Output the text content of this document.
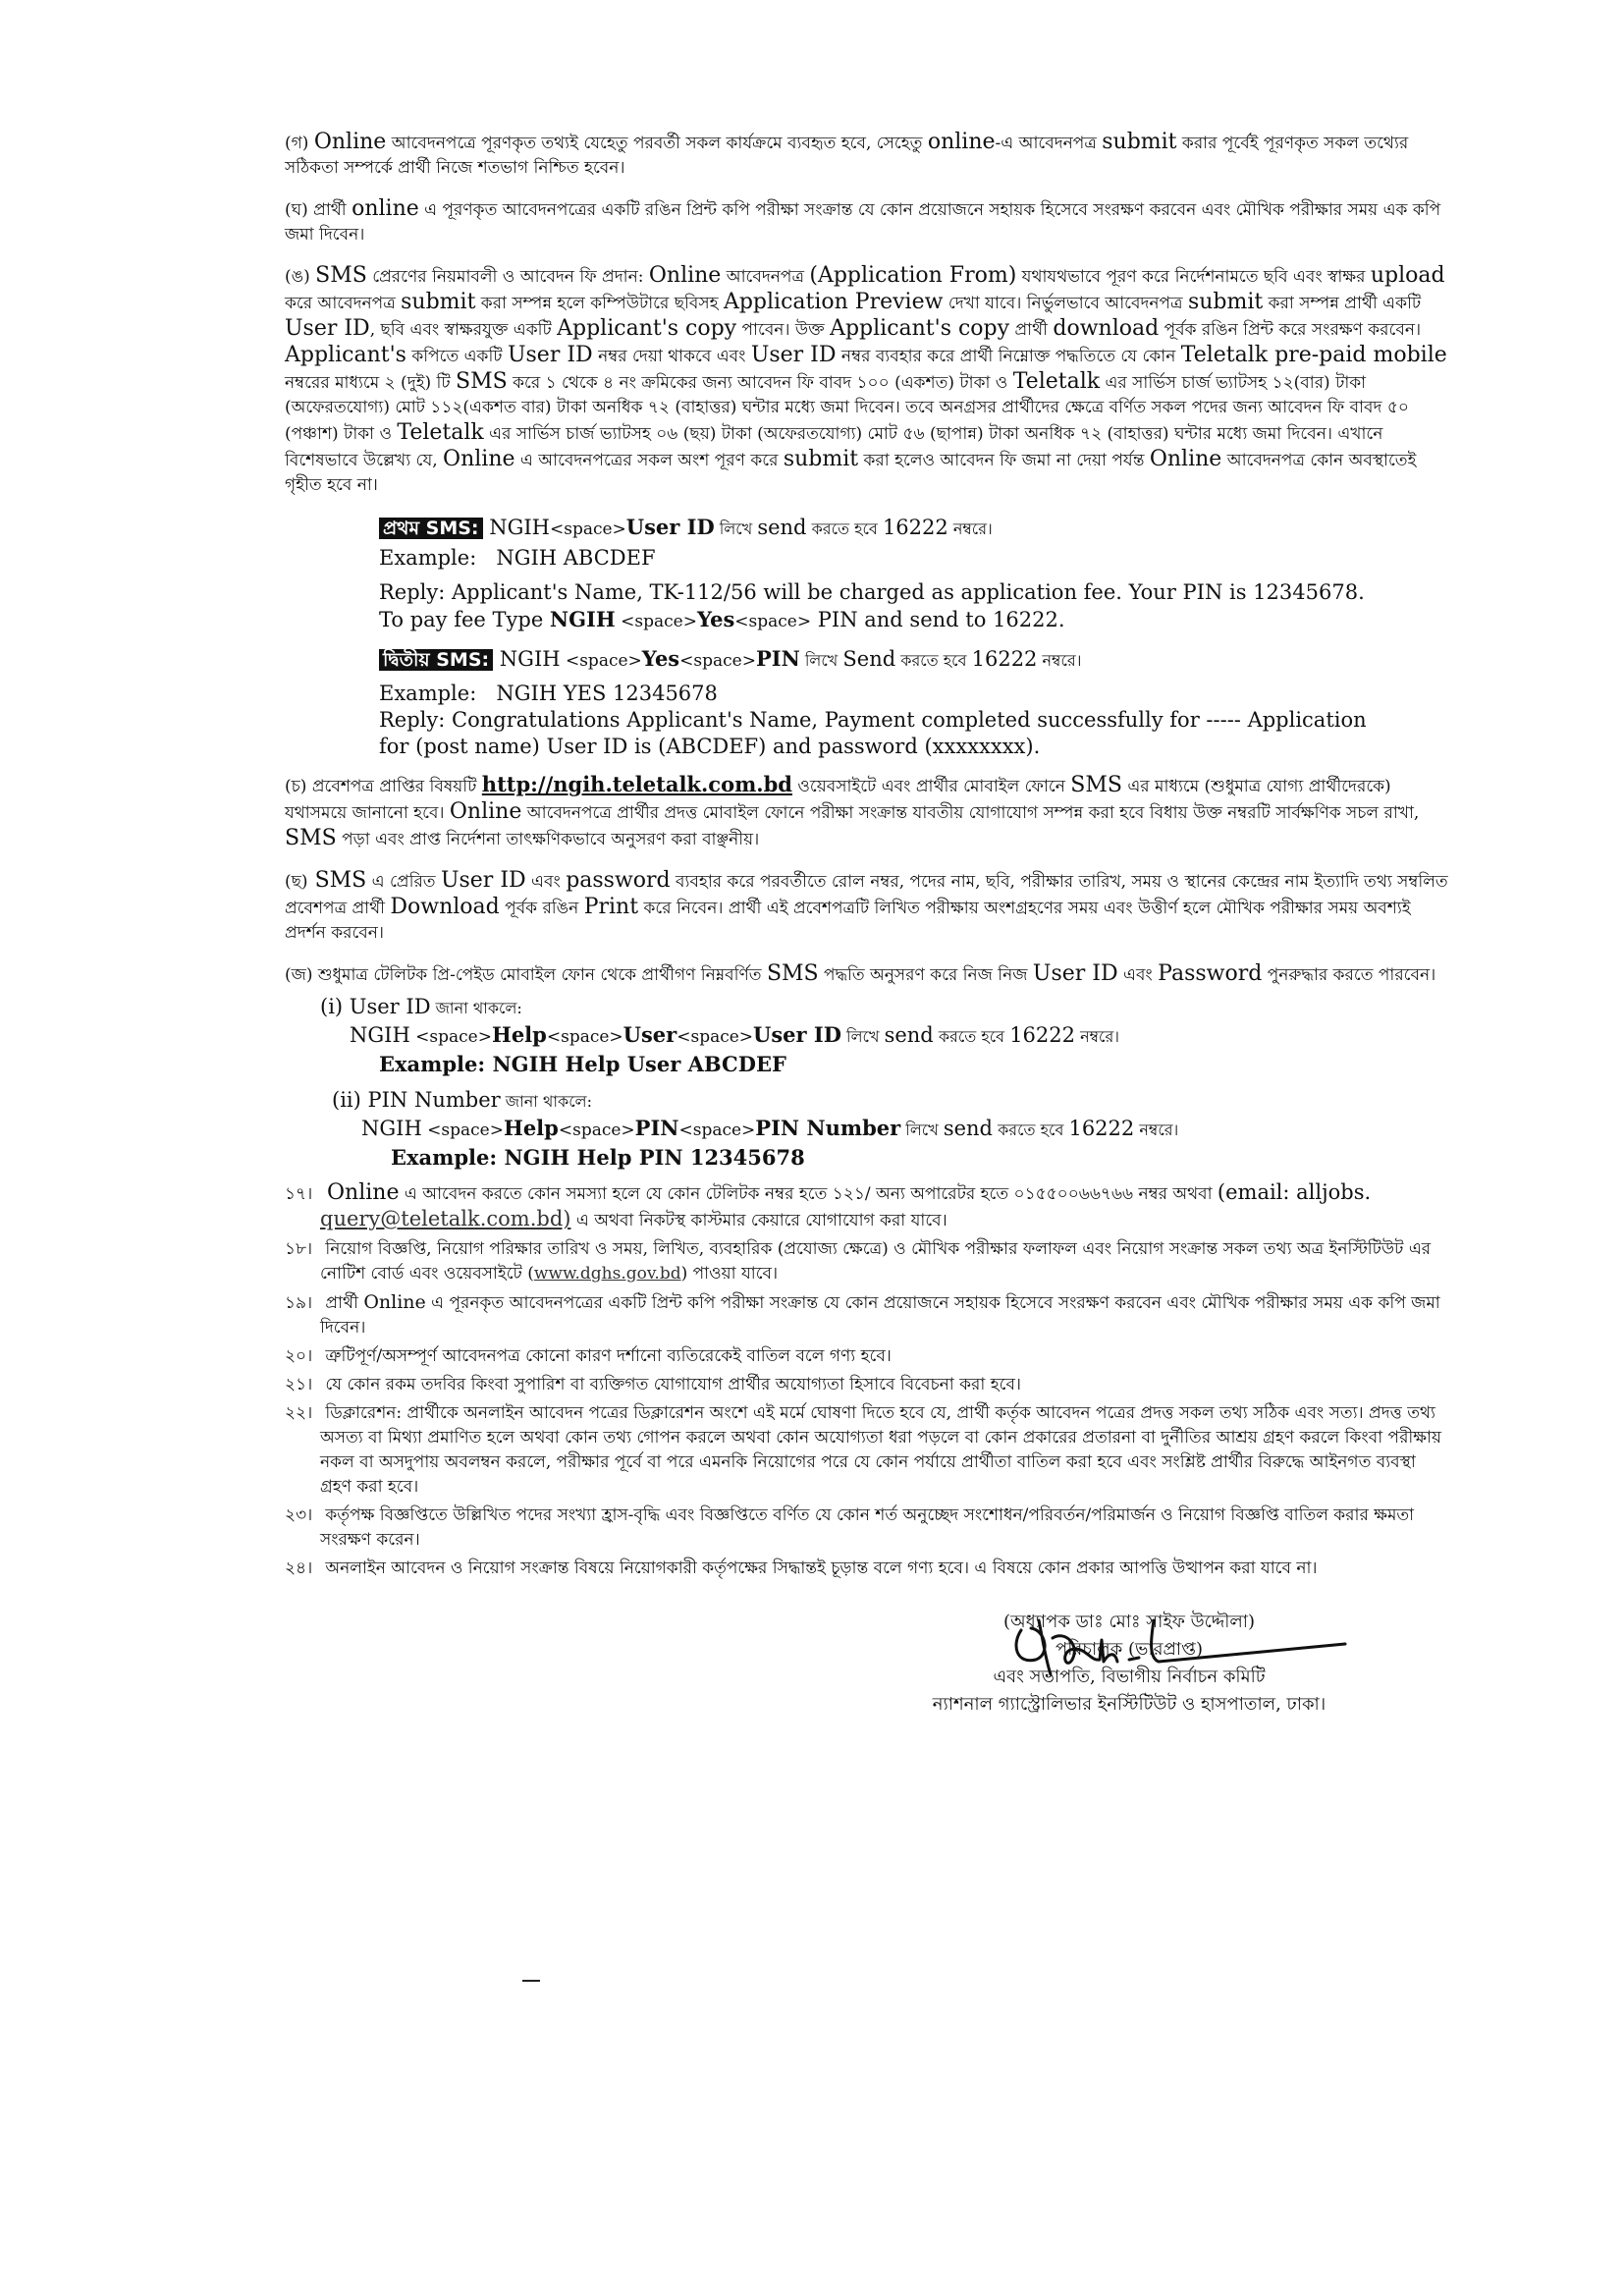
(গ) Online আবেদনপত্রে পূরণকৃত তথ্যই যেহেতু পরবর্তী সকল কার্যক্রমে ব্যবহৃত হবে, সেহেতু online-এ আবেদনপত্র submit করার পূর্বেই পূরণকৃত সকল তথ্যের সঠিকতা সম্পর্কে প্রার্থী নিজে শতভাগ নিশ্চিত হবেন।

(ঘ) প্রার্থী online এ পূরণকৃত আবেদনপত্রের একটি রঙিন প্রিন্ট কপি পরীক্ষা সংক্রান্ত যে কোন প্রয়োজনে সহায়ক হিসেবে সংরক্ষণ করবেন এবং মৌখিক পরীক্ষার সময় এক কপি জমা দিবেন।

(ঙ) SMS প্রেরণের নিয়মাবলী ও আবেদন ফি প্রদান: Online আবেদনপত্র (Application From) যথাযথভাবে পূরণ করে নির্দেশনামতে ছবি এবং স্বাক্ষর upload করে আবেদনপত্র submit করা সম্পন্ন হলে কম্পিউটারে ছবিসহ Application Preview দেখা যাবে। নির্ভুলভাবে আবেদনপত্র submit করা সম্পন্ন প্রার্থী একটি User ID, ছবি এবং স্বাক্ষরযুক্ত একটি Applicant's copy পাবেন। উক্ত Applicant's copy প্রার্থী download পূর্বক রঙিন প্রিন্ট করে সংরক্ষণ করবেন। Applicant's কপিতে একটি User ID নম্বর দেয়া থাকবে এবং User ID নম্বর ব্যবহার করে প্রার্থী নিম্নোক্ত পদ্ধতিতে যে কোন Teletalk pre-paid mobile নম্বরের মাধ্যমে ২ (দুই) টি SMS করে ১ থেকে ৪ নং ক্রমিকের জন্য আবেদন ফি বাবদ ১০০ (একশত) টাকা ও Teletalk এর সার্ভিস চার্জ ভ্যাটসহ ১২(বার) টাকা (অফেরতযোগ্য) মোট ১১২(একশত বার) টাকা অনধিক ৭২ (বাহাত্তর) ঘন্টার মধ্যে জমা দিবেন। তবে অনগ্রসর প্রার্থীদের ক্ষেত্রে বর্ণিত সকল পদের জন্য আবেদন ফি বাবদ ৫০ (পঞ্চাশ) টাকা ও Teletalk এর সার্ভিস চার্জ ভ্যাটসহ ০৬ (ছয়) টাকা (অফেরতযোগ্য) মোট ৫৬ (ছাপান্ন) টাকা অনধিক ৭২ (বাহাত্তর) ঘন্টার মধ্যে জমা দিবেন। এখানে বিশেষভাবে উল্লেখ্য যে, Online এ আবেদনপত্রের সকল অংশ পূরণ করে submit করা হলেও আবেদন ফি জমা না দেয়া পর্যন্ত Online আবেদনপত্র কোন অবস্থাতেই গৃহীত হবে না।

প্রথম SMS: NGIH<space>User ID লিখে send করতে হবে 16222 নম্বরে।
Example: NGIH ABCDEF
Reply: Applicant's Name, TK-112/56 will be charged as application fee. Your PIN is 12345678.
To pay fee Type NGIH <space>Yes<space> PIN and send to 16222.
দ্বিতীয় SMS: NGIH <space>Yes<space>PIN লিখে Send করতে হবে 16222 নম্বরে।
Example: NGIH YES 12345678
Reply: Congratulations Applicant's Name, Payment completed successfully for ----- Application
for (post name) User ID is (ABCDEF) and password (xxxxxxxx).

(চ) প্রবেশপত্র প্রাপ্তির বিষয়টি http://ngih.teletalk.com.bd ওয়েবসাইটে এবং প্রার্থীর মোবাইল ফোনে SMS এর মাধ্যমে (শুধুমাত্র যোগ্য প্রার্থীদেরকে) যথাসময়ে জানানো হবে। Online আবেদনপত্রে প্রার্থীর প্রদত্ত মোবাইল ফোনে পরীক্ষা সংক্রান্ত যাবতীয় যোগাযোগ সম্পন্ন করা হবে বিধায় উক্ত নম্বরটি সার্বক্ষণিক সচল রাখা, SMS পড়া এবং প্রাপ্ত নির্দেশনা তাৎক্ষণিকভাবে অনুসরণ করা বাঞ্ছনীয়।

(ছ) SMS এ প্রেরিত User ID এবং password ব্যবহার করে পরবর্তীতে রোল নম্বর, পদের নাম, ছবি, পরীক্ষার তারিখ, সময় ও স্থানের কেন্দ্রের নাম ইত্যাদি তথ্য সম্বলিত প্রবেশপত্র প্রার্থী Download পূর্বক রঙিন Print করে নিবেন। প্রার্থী এই প্রবেশপত্রটি লিখিত পরীক্ষায় অংশগ্রহণের সময় এবং উত্তীর্ণ হলে মৌখিক পরীক্ষার সময় অবশ্যই প্রদর্শন করবেন।

(জ) শুধুমাত্র টেলিটক প্রি-পেইড মোবাইল ফোন থেকে প্রার্থীগণ নিম্নবর্ণিত SMS পদ্ধতি অনুসরণ করে নিজ নিজ User ID এবং Password পুনরুদ্ধার করতে পারবেন।

(i) User ID জানা থাকলে:
NGIH <space>Help<space>User<space>User ID লিখে send করতে হবে 16222 নম্বরে।
Example: NGIH Help User ABCDEF
(ii) PIN Number জানা থাকলে:
NGIH <space>Help<space>PIN<space>PIN Number লিখে send করতে হবে 16222 নম্বরে।
Example: NGIH Help PIN 12345678

১৭। Online এ আবেদন করতে কোন সমস্যা হলে যে কোন টেলিটক নম্বর হতে ১২১/ অন্য অপারেটর হতে ০১৫৫০০৬৬৭৬৬ নম্বর অথবা (email: alljobs. query@teletalk.com.bd) এ অথবা নিকটস্থ কাস্টমার কেয়ারে যোগাযোগ করা যাবে।

১৮। নিয়োগ বিজ্ঞপ্তি, নিয়োগ পরিক্ষার তারিখ ও সময়, লিখিত, ব্যবহারিক (প্রযোজ্য ক্ষেত্রে) ও মৌখিক পরীক্ষার ফলাফল এবং নিয়োগ সংক্রান্ত সকল তথ্য অত্র ইনস্টিটিউট এর নোটিশ বোর্ড এবং ওয়েবসাইটে (www.dghs.gov.bd) পাওয়া যাবে।

১৯। প্রার্থী Online এ পূরনকৃত আবেদনপত্রের একটি প্রিন্ট কপি পরীক্ষা সংক্রান্ত যে কোন প্রয়োজনে সহায়ক হিসেবে সংরক্ষণ করবেন এবং মৌখিক পরীক্ষার সময় এক কপি জমা দিবেন।

২০। ত্রুটিপূর্ণ/অসম্পূর্ণ আবেদনপত্র কোনো কারণ দর্শানো ব্যতিরেকেই বাতিল বলে গণ্য হবে।

২১। যে কোন রকম তদবির কিংবা সুপারিশ বা ব্যক্তিগত যোগাযোগ প্রার্থীর অযোগ্যতা হিসাবে বিবেচনা করা হবে।

২২। ডিক্লারেশন: প্রার্থীকে অনলাইন আবেদন পত্রের ডিক্লারেশন অংশে এই মর্মে ঘোষণা দিতে হবে যে, প্রার্থী কর্তৃক আবেদন পত্রের প্রদত্ত সকল তথ্য সঠিক এবং সত্য। প্রদত্ত তথ্য অসত্য বা মিথ্যা প্রমাণিত হলে অথবা কোন তথ্য গোপন করলে অথবা কোন অযোগ্যতা ধরা পড়লে বা কোন প্রকারের প্রতারনা বা দুর্নীতির আশ্রয় গ্রহণ করলে কিংবা পরীক্ষায় নকল বা অসদুপায় অবলম্বন করলে, পরীক্ষার পূর্বে বা পরে এমনকি নিয়োগের পরে যে কোন পর্যায়ে প্রার্থীতা বাতিল করা হবে এবং সংশ্লিষ্ট প্রার্থীর বিরুদ্ধে আইনগত ব্যবস্থা গ্রহণ করা হবে।

২৩। কর্তৃপক্ষ বিজ্ঞপ্তিতে উল্লিখিত পদের সংখ্যা হ্রাস-বৃদ্ধি এবং বিজ্ঞপ্তিতে বর্ণিত যে কোন শর্ত অনুচ্ছেদ সংশোধন/পরিবর্তন/পরিমার্জন ও নিয়োগ বিজ্ঞপ্তি বাতিল করার ক্ষমতা সংরক্ষণ করেন।

২৪। অনলাইন আবেদন ও নিয়োগ সংক্রান্ত বিষয়ে নিয়োগকারী কর্তৃপক্ষের সিদ্ধান্তই চূড়ান্ত বলে গণ্য হবে। এ বিষয়ে কোন প্রকার আপত্তি উত্থাপন করা যাবে না।

(অধ্যাপক ডাঃ মোঃ সাইফ উদ্দৌলা)
পরিচালক (ভারপ্রাপ্ত)
এবং সভাপতি, বিভাগীয় নির্বাচন কমিটি
ন্যাশনাল গ্যাস্ট্রোলিভার ইনস্টিটিউট ও হাসপাতাল, ঢাকা।
